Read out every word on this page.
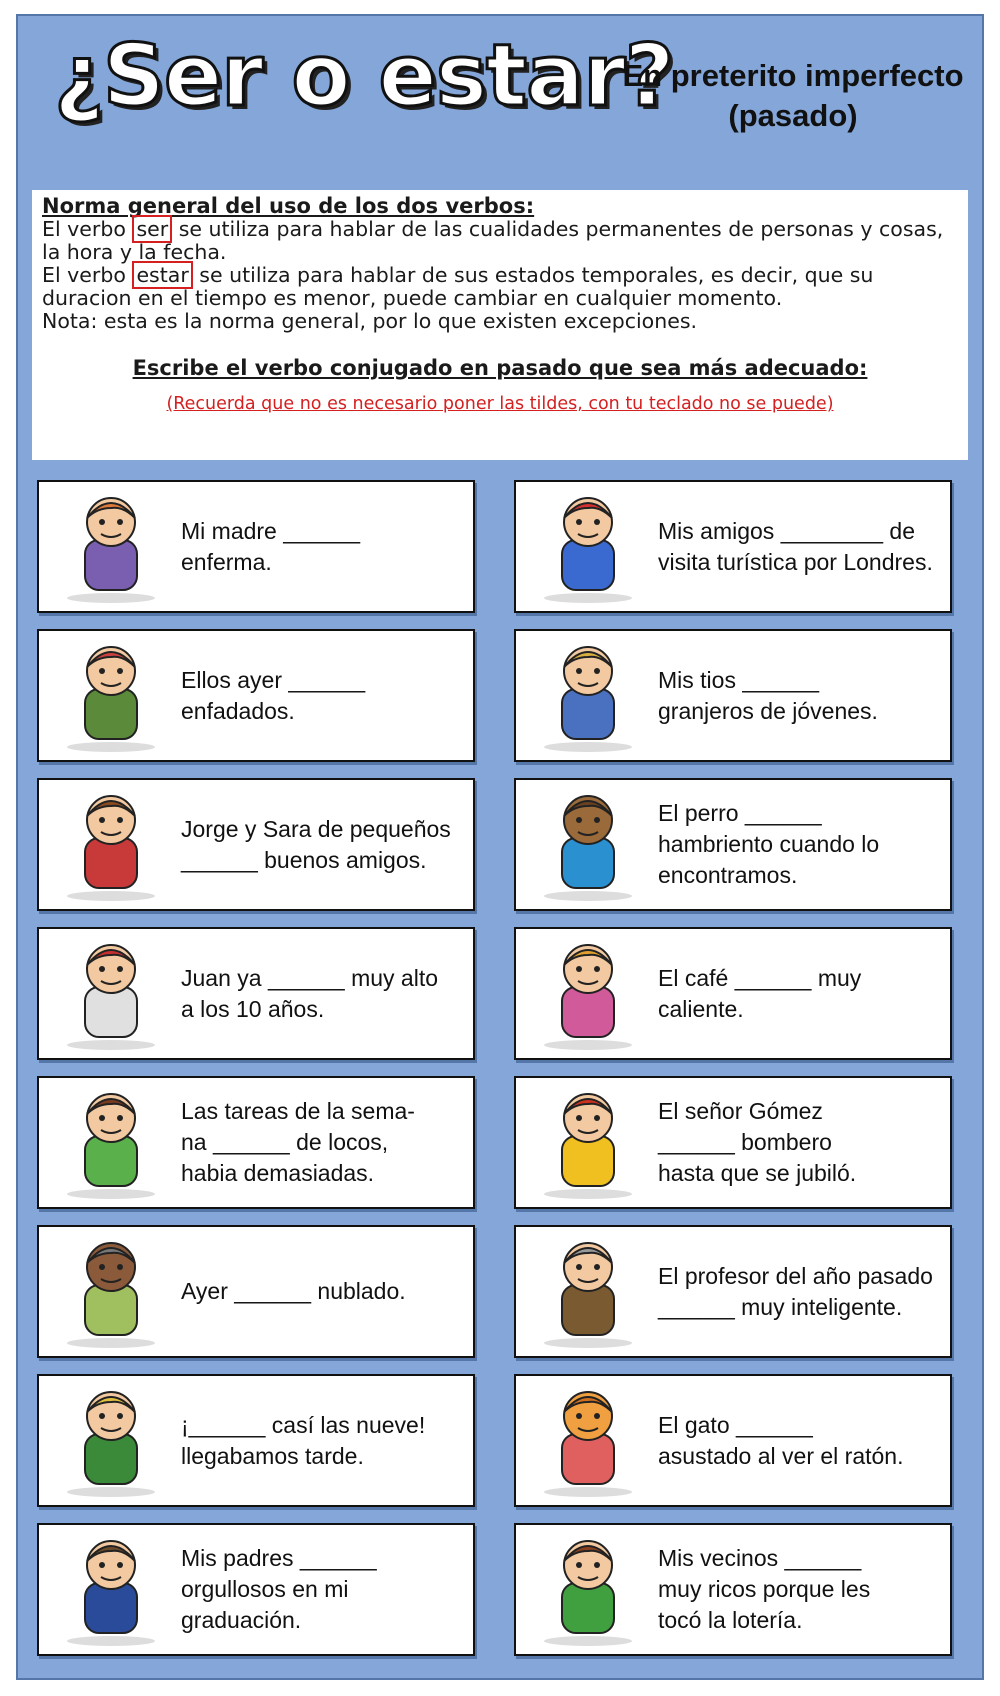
¿Ser o estar?
En preterito imperfecto
(pasado)
Norma general del uso de los dos verbos:

El verbo ser se utiliza para hablar de las cualidades permanentes de personas y cosas, la hora y la fecha.

El verbo estar se utiliza para hablar de sus estados temporales, es decir, que su duracion en el tiempo es menor, puede cambiar en cualquier momento.

Nota: esta es la norma general, por lo que existen excepciones.

Escribe el verbo conjugado en pasado que sea más adecuado:
(Recuerda que no es necesario poner las tildes, con tu teclado no se puede)
Mi madre ______
enferma.
Mis amigos ________ de
visita turística por Londres.
Ellos ayer ______
enfadados.
Mis tios ______
granjeros de jóvenes.
Jorge y Sara de pequeños
______ buenos amigos.
El perro ______
hambriento cuando lo
encontramos.
Juan ya ______ muy alto
a los 10 años.
El café ______ muy
caliente.
Las tareas de la sema-
na ______ de locos,
habia demasiadas.
El señor Gómez
______ bombero
hasta que se jubiló.
Ayer ______ nublado.
El profesor del año pasado
______ muy inteligente.
¡______ casí las nueve!
llegabamos tarde.
El gato ______
asustado al ver el ratón.
Mis padres ______
orgullosos en mi
graduación.
Mis vecinos ______
muy ricos porque les
tocó la lotería.
